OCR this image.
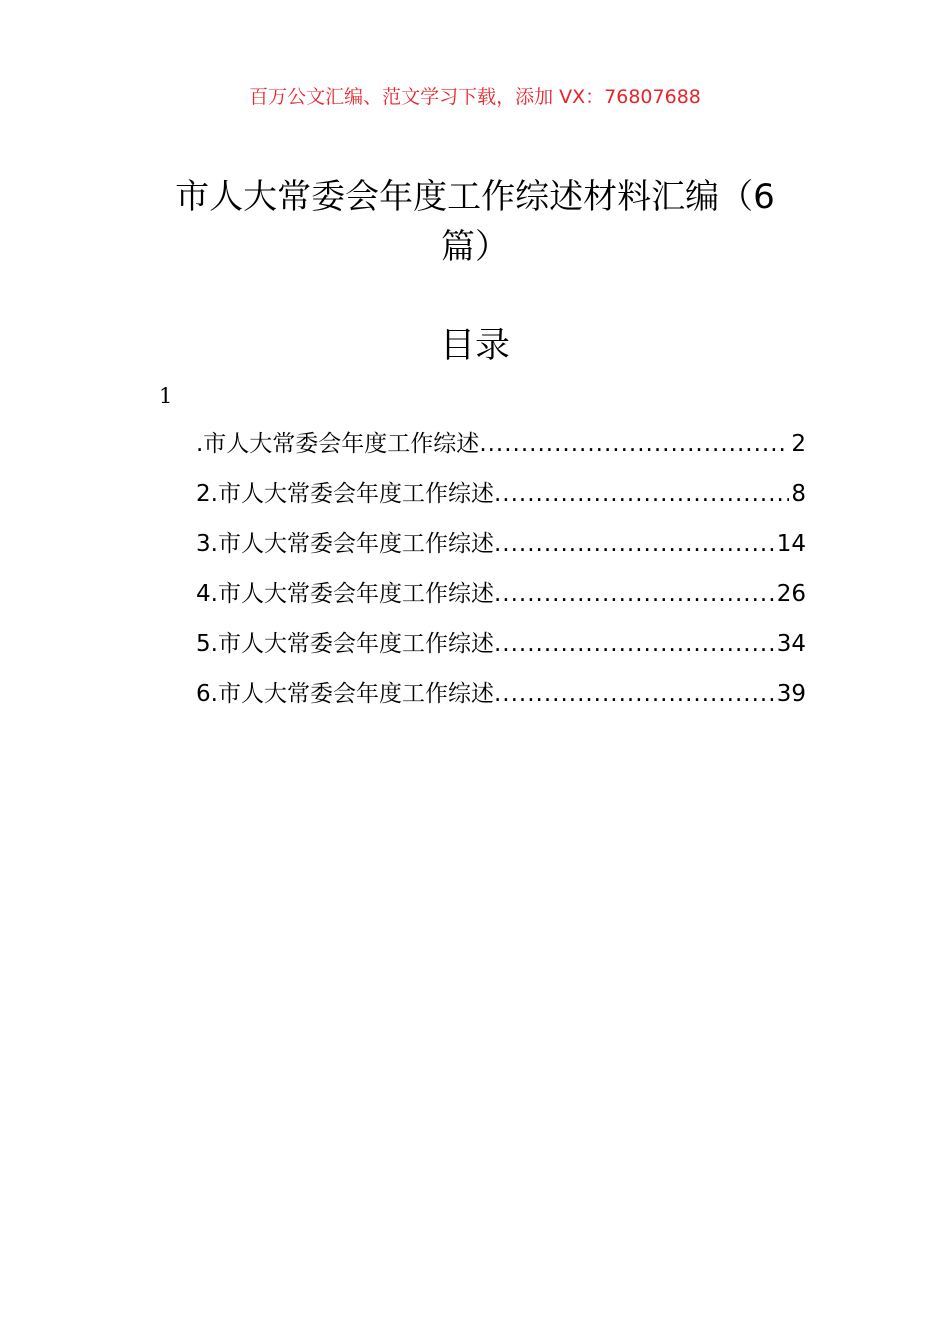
百万公文汇编、范文学习下载，添加 VX：76807688
市人大常委会年度工作综述材料汇编（6篇）
目录
1
.市人大常委会年度工作综述 .....	2
2.市人大常委会年度工作综述 .....	8
3.市人大常委会年度工作综述 .....	14
4.市人大常委会年度工作综述 .....	26
5.市人大常委会年度工作综述 .....	34
6.市人大常委会年度工作综述 .....	39
